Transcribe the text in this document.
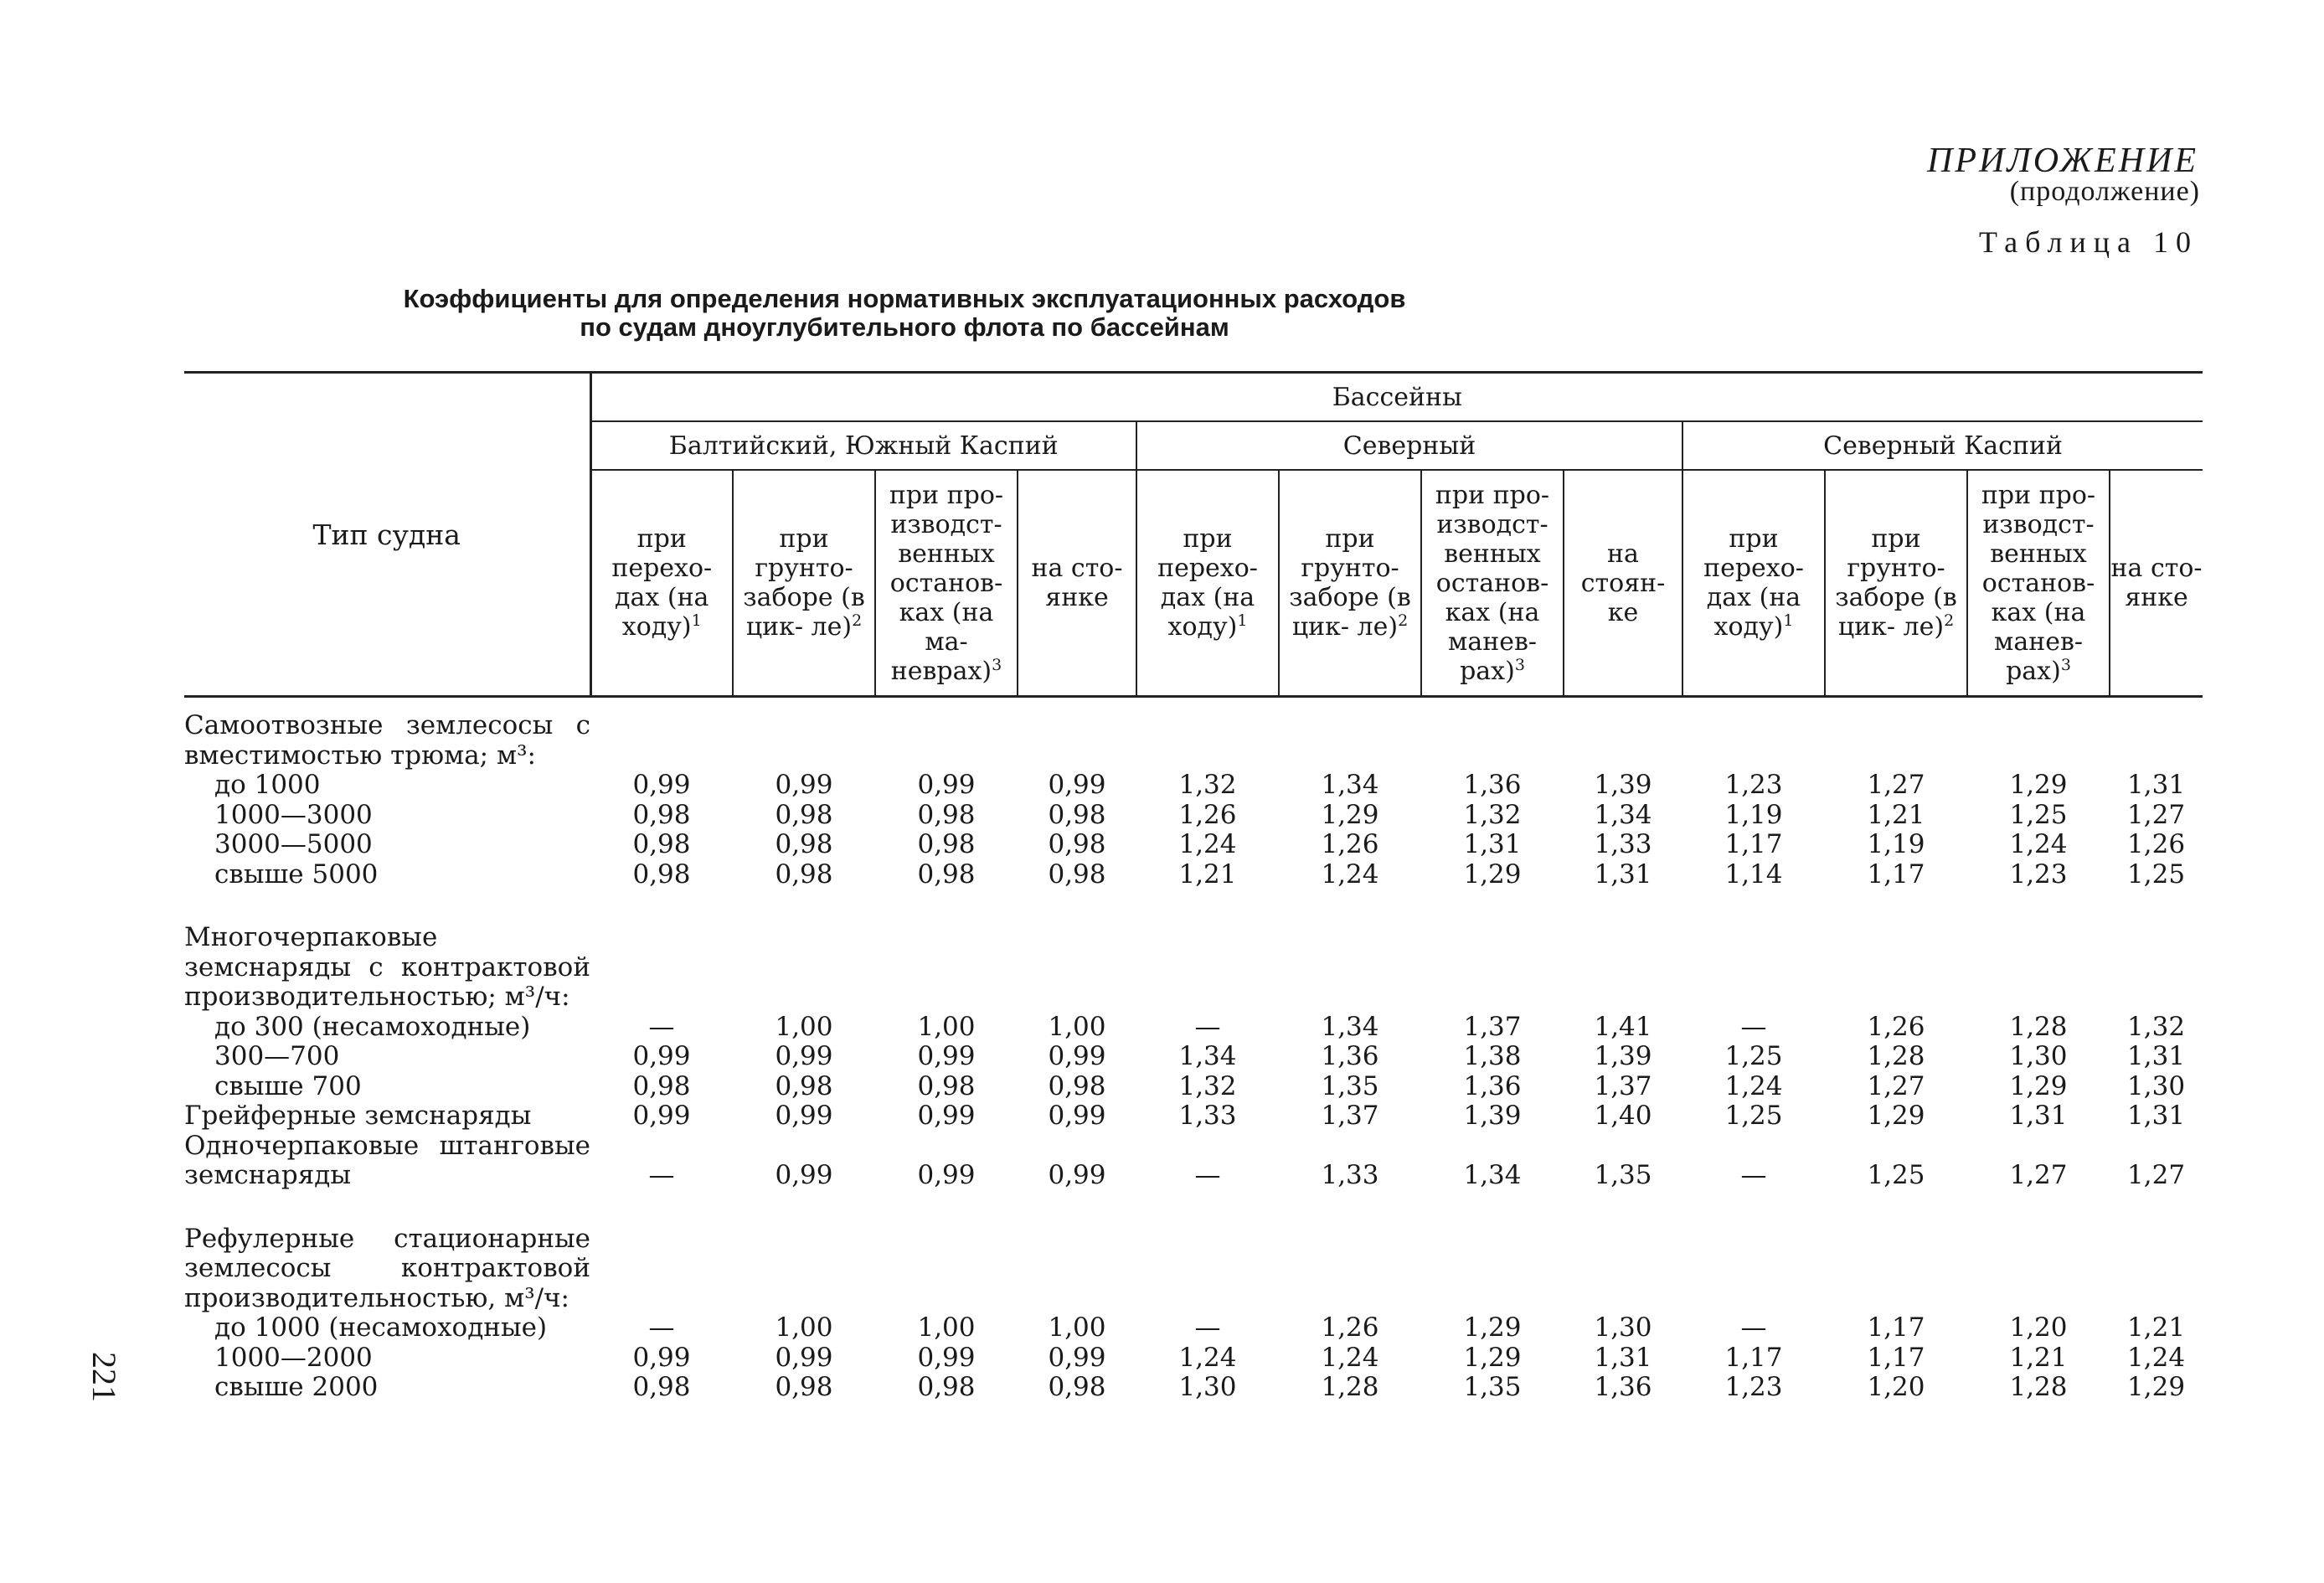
ПРИЛОЖЕНИЕ
(продолжение)
Таблица 10
Коэффициенты для определения нормативных эксплуатационных расходов
по судам дноуглубительного флота по бассейнам
221
Тип судна	Бассейны											
	Балтийский, Южный Каспий				Северный				Северный Каспий			
	при перехо- дах (на ходу)$^1$	при грунто- заборе (в цик- ле)$^2$	при про- изводст- венных останов- ках (на ма- неврах)$^3$	на сто- янке	при перехо- дах (на ходу)$^1$	при грунто- заборе (в цик- ле)$^2$	при про- изводст- венных останов- ках (на манев- рах)$^3$	на стоян- ке	при перехо- дах (на ходу)$^1$	при грунто- заборе (в цик- ле)$^2$	при про- изводст- венных останов- ках (на манев- рах)$^3$	на сто- янке

Самоотвозные землесосы с вместимостью трюма; м³:												
до 1000	0,99	0,99	0,99	0,99	1,32	1,34	1,36	1,39	1,23	1,27	1,29	1,31
1000—3000	0,98	0,98	0,98	0,98	1,26	1,29	1,32	1,34	1,19	1,21	1,25	1,27
3000—5000	0,98	0,98	0,98	0,98	1,24	1,26	1,31	1,33	1,17	1,19	1,24	1,26
свыше 5000	0,98	0,98	0,98	0,98	1,21	1,24	1,29	1,31	1,14	1,17	1,23	1,25

Многочерпаковые земснаряды с контрактовой производительностью; м³/ч:												
до 300 (несамоходные)	—	1,00	1,00	1,00	—	1,34	1,37	1,41	—	1,26	1,28	1,32
300—700	0,99	0,99	0,99	0,99	1,34	1,36	1,38	1,39	1,25	1,28	1,30	1,31
свыше 700	0,98	0,98	0,98	0,98	1,32	1,35	1,36	1,37	1,24	1,27	1,29	1,30
Грейферные земснаряды	0,99	0,99	0,99	0,99	1,33	1,37	1,39	1,40	1,25	1,29	1,31	1,31
Одночерпаковые штанговые земснаряды	—	0,99	0,99	0,99	—	1,33	1,34	1,35	—	1,25	1,27	1,27

Рефулерные стационарные землесосы контрактовой производительностью, м³/ч:												
до 1000 (несамоходные)	—	1,00	1,00	1,00	—	1,26	1,29	1,30	—	1,17	1,20	1,21
1000—2000	0,99	0,99	0,99	0,99	1,24	1,24	1,29	1,31	1,17	1,17	1,21	1,24
свыше 2000	0,98	0,98	0,98	0,98	1,30	1,28	1,35	1,36	1,23	1,20	1,28	1,29
